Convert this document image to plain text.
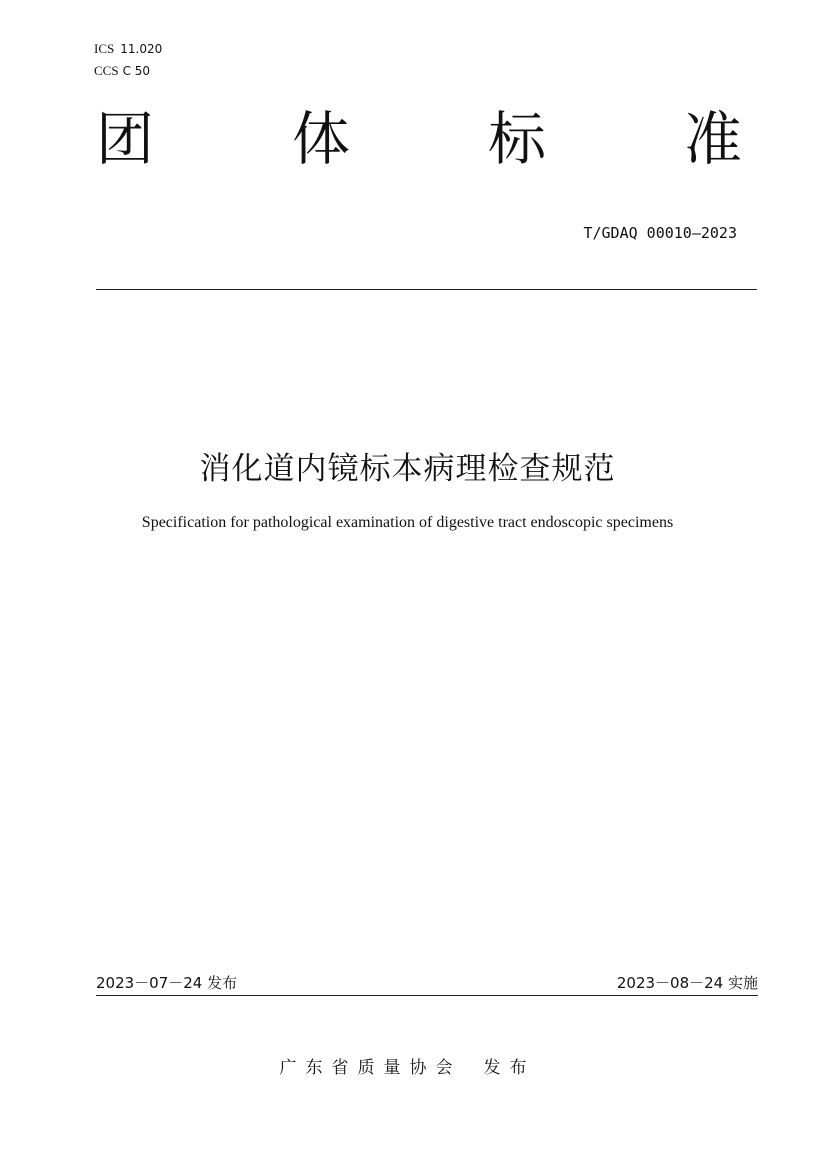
ICS 11.020
CCS C 50
团 体 标 准
T/GDAQ 00010—2023
消化道内镜标本病理检查规范
Specification for pathological examination of digestive tract endoscopic specimens
2023－07－24 发布	2023－08－24 实施
广东省质量协会 发布
